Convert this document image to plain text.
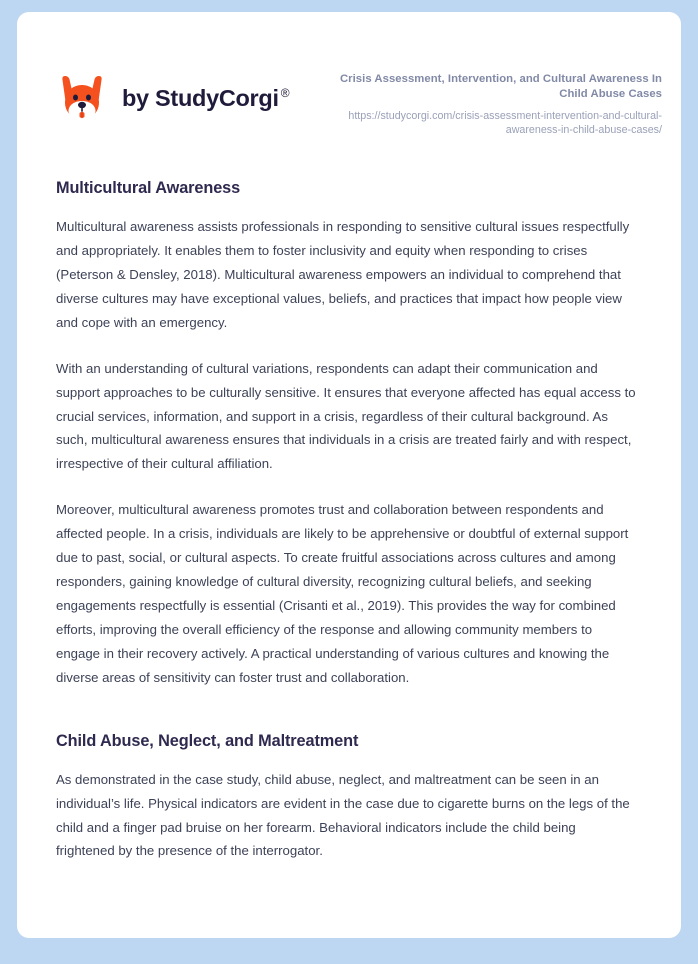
by StudyCorgi ®
Crisis Assessment, Intervention, and Cultural Awareness In Child Abuse Cases
https://studycorgi.com/crisis-assessment-intervention-and-cultural-awareness-in-child-abuse-cases/
Multicultural Awareness

Multicultural awareness assists professionals in responding to sensitive cultural issues respectfully and appropriately. It enables them to foster inclusivity and equity when responding to crises (Peterson & Densley, 2018). Multicultural awareness empowers an individual to comprehend that diverse cultures may have exceptional values, beliefs, and practices that impact how people view and cope with an emergency.

With an understanding of cultural variations, respondents can adapt their communication and support approaches to be culturally sensitive. It ensures that everyone affected has equal access to crucial services, information, and support in a crisis, regardless of their cultural background. As such, multicultural awareness ensures that individuals in a crisis are treated fairly and with respect, irrespective of their cultural affiliation.

Moreover, multicultural awareness promotes trust and collaboration between respondents and affected people. In a crisis, individuals are likely to be apprehensive or doubtful of external support due to past, social, or cultural aspects. To create fruitful associations across cultures and among responders, gaining knowledge of cultural diversity, recognizing cultural beliefs, and seeking engagements respectfully is essential (Crisanti et al., 2019). This provides the way for combined efforts, improving the overall efficiency of the response and allowing community members to engage in their recovery actively. A practical understanding of various cultures and knowing the diverse areas of sensitivity can foster trust and collaboration.

Child Abuse, Neglect, and Maltreatment

As demonstrated in the case study, child abuse, neglect, and maltreatment can be seen in an individual’s life. Physical indicators are evident in the case due to cigarette burns on the legs of the child and a finger pad bruise on her forearm. Behavioral indicators include the child being frightened by the presence of the interrogator.
